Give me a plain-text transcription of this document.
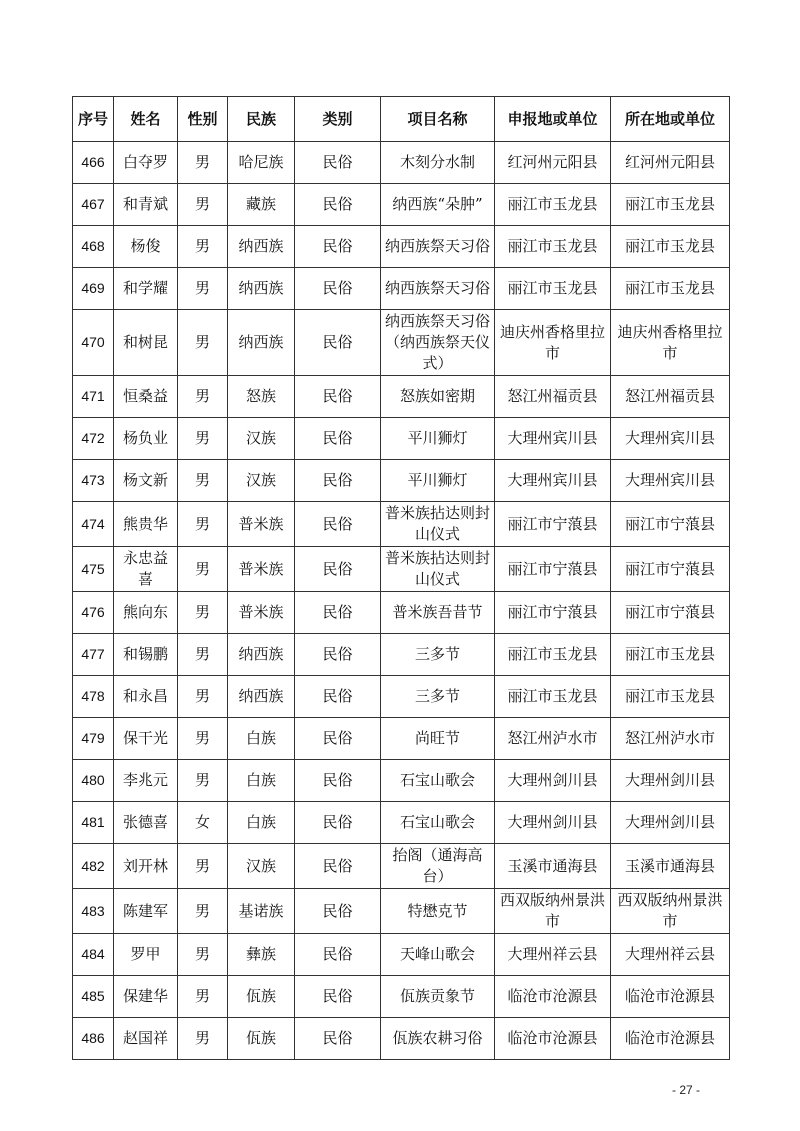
序号	姓名	性别	民族	类别	项目名称	申报地或单位	所在地或单位
466	白夺罗	男	哈尼族	民俗	木刻分水制	红河州元阳县	红河州元阳县
467	和青斌	男	藏族	民俗	纳西族“朵肿”	丽江市玉龙县	丽江市玉龙县
468	杨俊	男	纳西族	民俗	纳西族祭天习俗	丽江市玉龙县	丽江市玉龙县
469	和学耀	男	纳西族	民俗	纳西族祭天习俗	丽江市玉龙县	丽江市玉龙县
470	和树昆	男	纳西族	民俗	纳西族祭天习俗（纳西族祭天仪式）	迪庆州香格里拉市	迪庆州香格里拉市
471	恒桑益	男	怒族	民俗	怒族如密期	怒江州福贡县	怒江州福贡县
472	杨负业	男	汉族	民俗	平川狮灯	大理州宾川县	大理州宾川县
473	杨文新	男	汉族	民俗	平川狮灯	大理州宾川县	大理州宾川县
474	熊贵华	男	普米族	民俗	普米族拈达则封山仪式	丽江市宁蒗县	丽江市宁蒗县
475	永忠益喜	男	普米族	民俗	普米族拈达则封山仪式	丽江市宁蒗县	丽江市宁蒗县
476	熊向东	男	普米族	民俗	普米族吾昔节	丽江市宁蒗县	丽江市宁蒗县
477	和锡鹏	男	纳西族	民俗	三多节	丽江市玉龙县	丽江市玉龙县
478	和永昌	男	纳西族	民俗	三多节	丽江市玉龙县	丽江市玉龙县
479	保干光	男	白族	民俗	尚旺节	怒江州泸水市	怒江州泸水市
480	李兆元	男	白族	民俗	石宝山歌会	大理州剑川县	大理州剑川县
481	张德喜	女	白族	民俗	石宝山歌会	大理州剑川县	大理州剑川县
482	刘开林	男	汉族	民俗	抬阁（通海高台）	玉溪市通海县	玉溪市通海县
483	陈建军	男	基诺族	民俗	特懋克节	西双版纳州景洪市	西双版纳州景洪市
484	罗甲	男	彝族	民俗	天峰山歌会	大理州祥云县	大理州祥云县
485	保建华	男	佤族	民俗	佤族贡象节	临沧市沧源县	临沧市沧源县
486	赵国祥	男	佤族	民俗	佤族农耕习俗	临沧市沧源县	临沧市沧源县
- 27 -
